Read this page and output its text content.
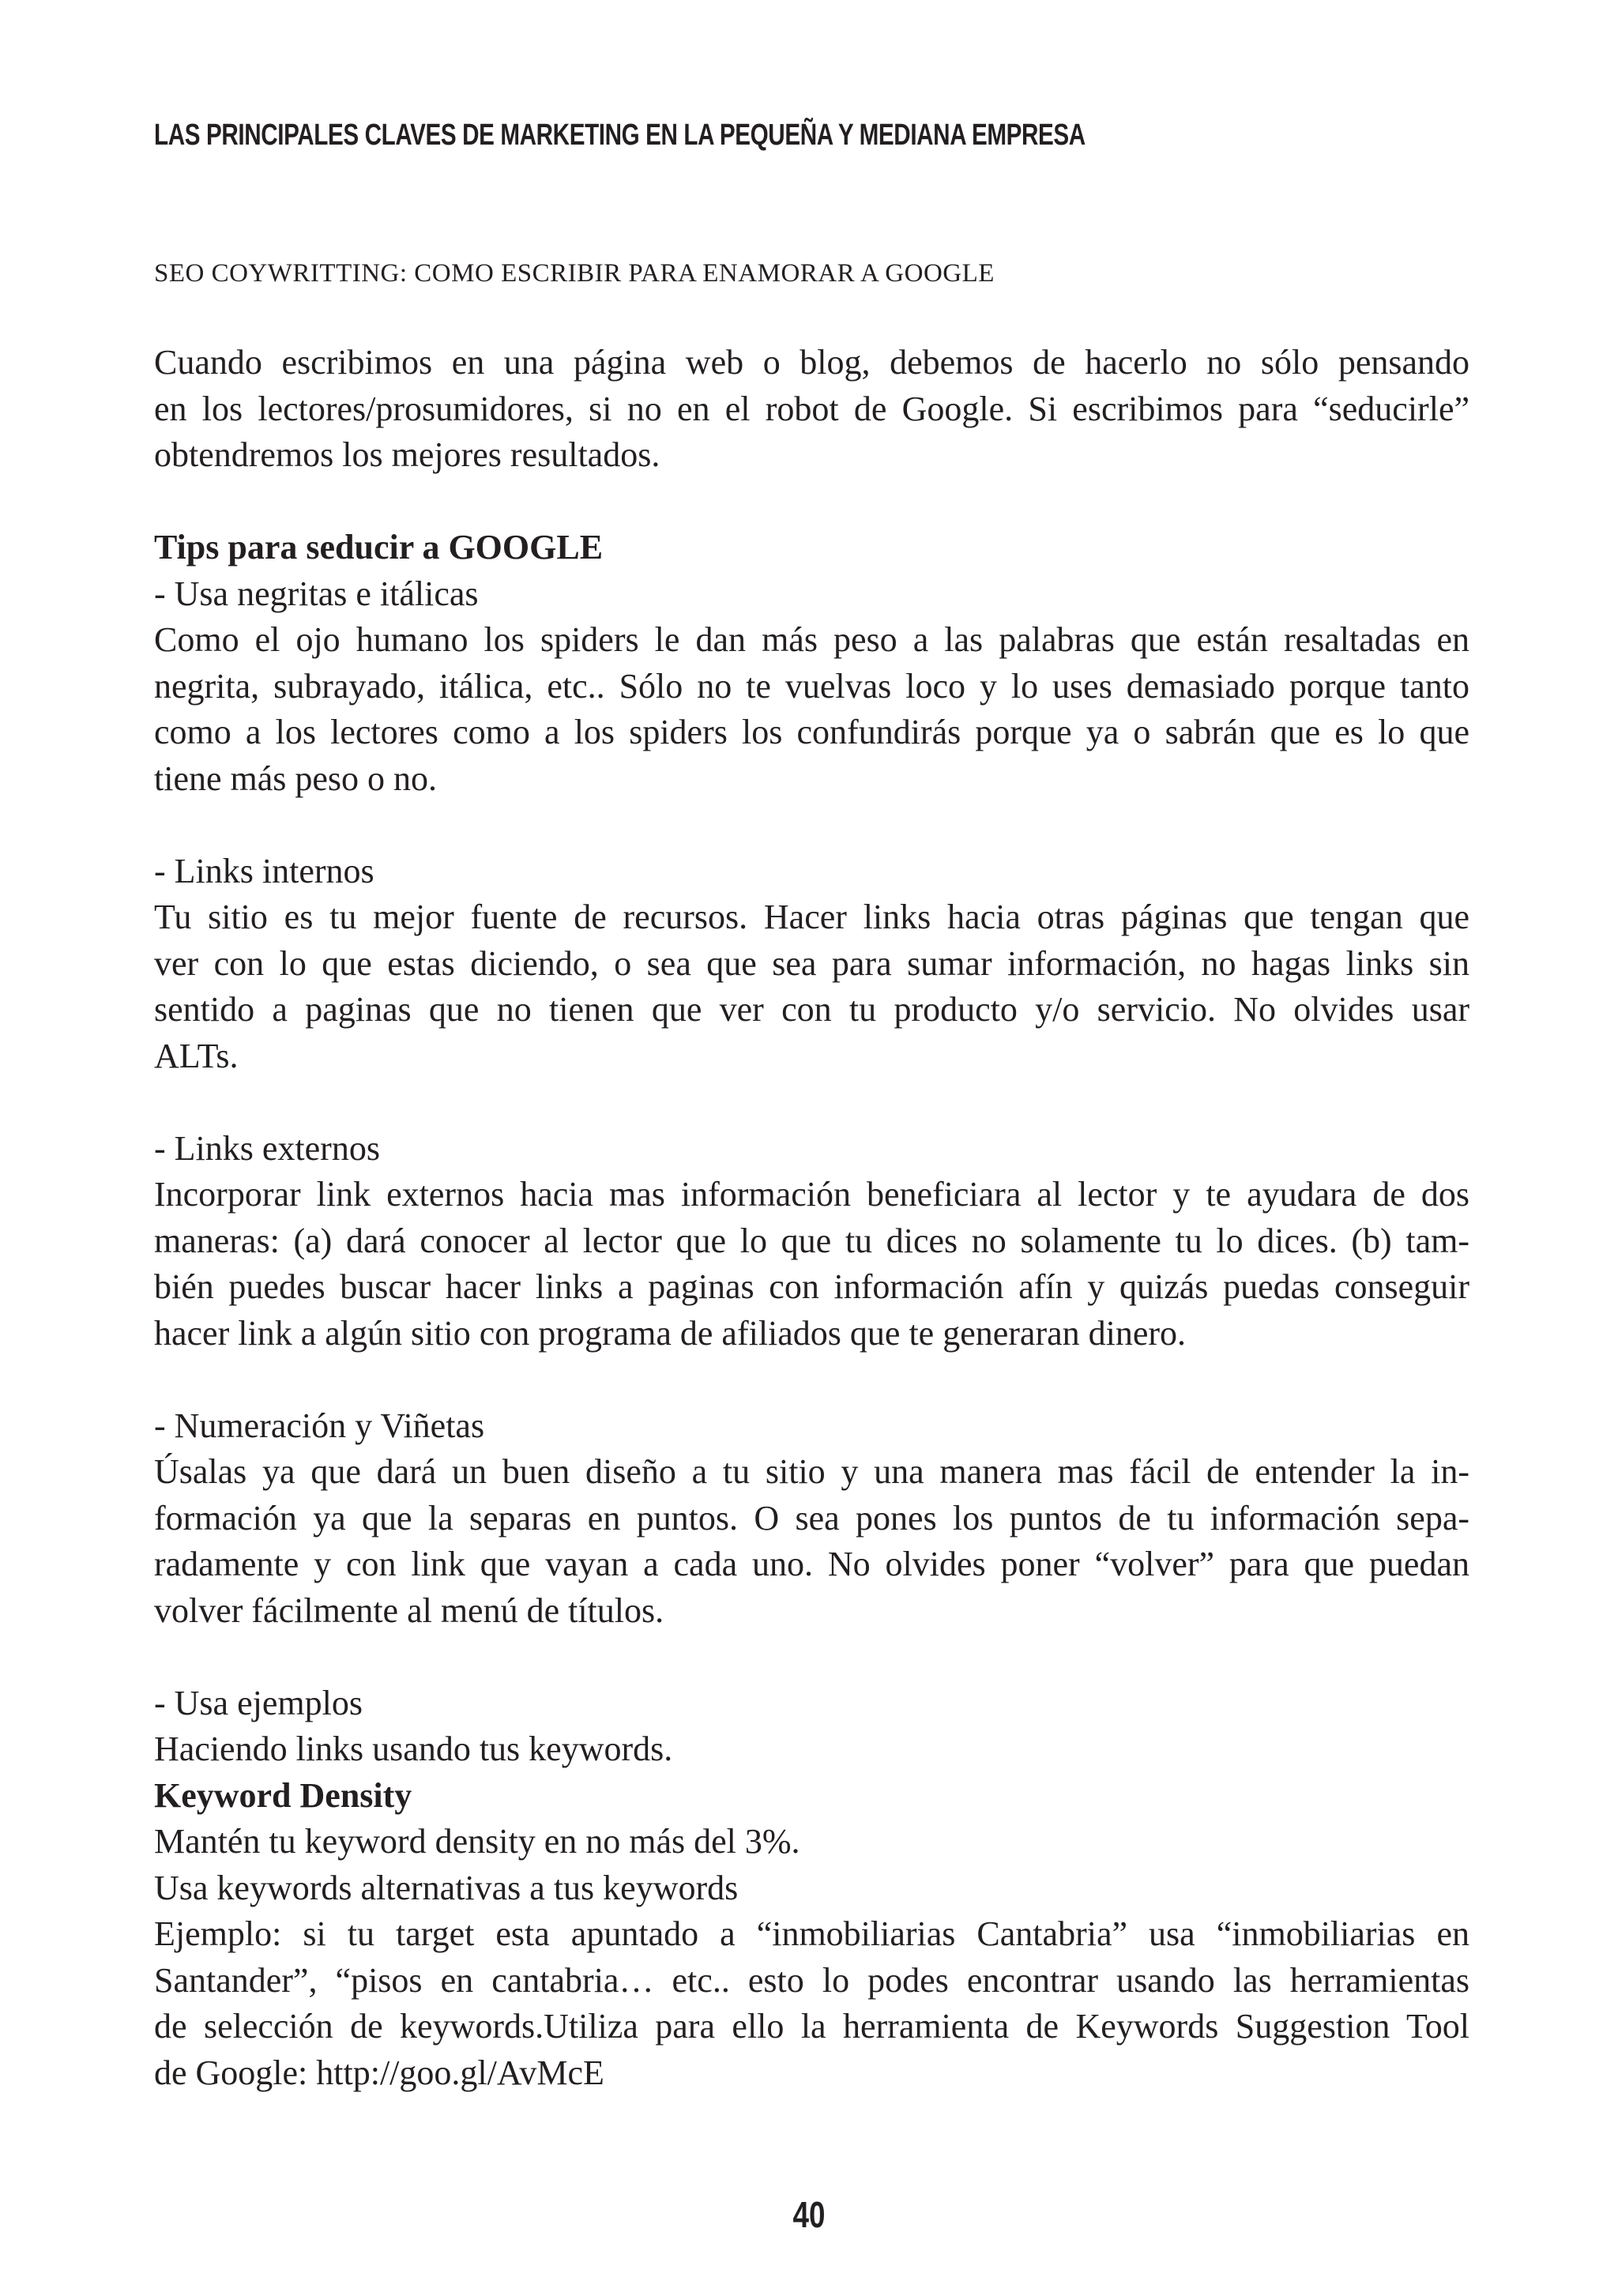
LAS PRINCIPALES CLAVES DE MARKETING EN LA PEQUEÑA Y MEDIANA EMPRESA
SEO COYWRITTING: COMO ESCRIBIR PARA ENAMORAR A GOOGLE

Cuando escribimos en una página web o blog, debemos de hacerlo no sólo pensando

en los lectores/prosumidores, si no en el robot de Google. Si escribimos para “seducirle”

obtendremos los mejores resultados.

Tips para seducir a GOOGLE

- Usa negritas e itálicas

Como el ojo humano los spiders le dan más peso a las palabras que están resaltadas en

negrita, subrayado, itálica, etc.. Sólo no te vuelvas loco y lo uses demasiado porque tanto

como a los lectores como a los spiders los confundirás porque ya o sabrán que es lo que

tiene más peso o no.

- Links internos

Tu sitio es tu mejor fuente de recursos. Hacer links hacia otras páginas que tengan que

ver con lo que estas diciendo, o sea que sea para sumar información, no hagas links sin

sentido a paginas que no tienen que ver con tu producto y/o servicio. No olvides usar

ALTs.

- Links externos

Incorporar link externos hacia mas información beneficiara al lector y te ayudara de dos

maneras: (a) dará conocer al lector que lo que tu dices no solamente tu lo dices. (b) tam-

bién puedes buscar hacer links a paginas con información afín y quizás puedas conseguir

hacer link a algún sitio con programa de afiliados que te generaran dinero.

- Numeración y Viñetas

Úsalas ya que dará un buen diseño a tu sitio y una manera mas fácil de entender la in-

formación ya que la separas en puntos. O sea pones los puntos de tu información sepa-

radamente y con link que vayan a cada uno. No olvides poner “volver” para que puedan

volver fácilmente al menú de títulos.

- Usa ejemplos

Haciendo links usando tus keywords.

Keyword Density

Mantén tu keyword density en no más del 3%.

Usa keywords alternativas a tus keywords

Ejemplo: si tu target esta apuntado a “inmobiliarias Cantabria” usa “inmobiliarias en

Santander”, “pisos en cantabria… etc.. esto lo podes encontrar usando las herramientas

de selección de keywords.Utiliza para ello la herramienta de Keywords Suggestion Tool

de Google: http://goo.gl/AvMcE

40
